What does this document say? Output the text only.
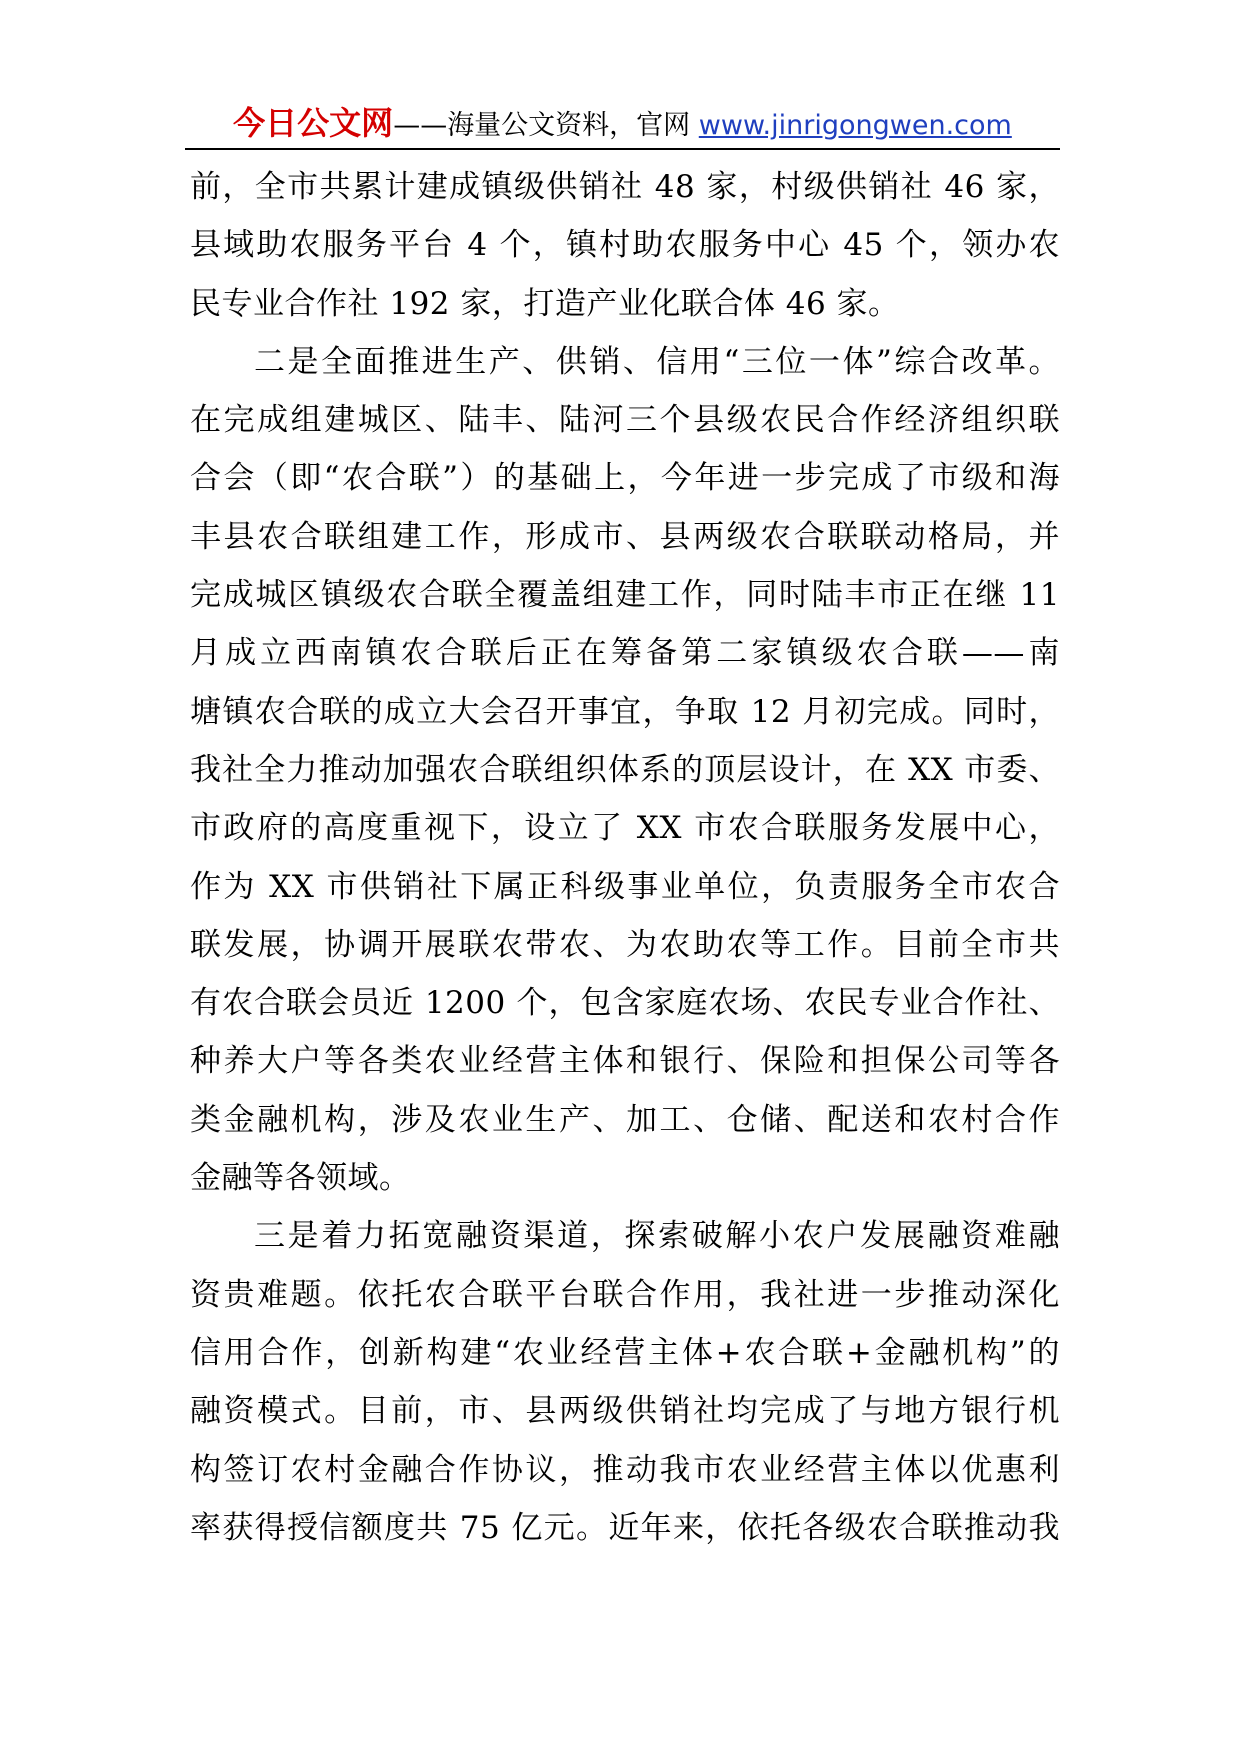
今日公文网——海量公文资料，官网 www.jinrigongwen.com
前，全市共累计建成镇级供销社 48 家，村级供销社 46 家，
县域助农服务平台 4 个，镇村助农服务中心 45 个，领办农
民专业合作社 192 家，打造产业化联合体 46 家。
二是全面推进生产、供销、信用“三位一体”综合改革。
在完成组建城区、陆丰、陆河三个县级农民合作经济组织联
合会（即“农合联”）的基础上，今年进一步完成了市级和海
丰县农合联组建工作，形成市、县两级农合联联动格局，并
完成城区镇级农合联全覆盖组建工作，同时陆丰市正在继 11
月成立西南镇农合联后正在筹备第二家镇级农合联——南
塘镇农合联的成立大会召开事宜，争取 12 月初完成。同时，
我社全力推动加强农合联组织体系的顶层设计，在 XX 市委、
市政府的高度重视下，设立了 XX 市农合联服务发展中心，
作为 XX 市供销社下属正科级事业单位，负责服务全市农合
联发展，协调开展联农带农、为农助农等工作。目前全市共
有农合联会员近 1200 个，包含家庭农场、农民专业合作社、
种养大户等各类农业经营主体和银行、保险和担保公司等各
类金融机构，涉及农业生产、加工、仓储、配送和农村合作
金融等各领域。
三是着力拓宽融资渠道，探索破解小农户发展融资难融
资贵难题。依托农合联平台联合作用，我社进一步推动深化
信用合作，创新构建“农业经营主体+农合联+金融机构”的
融资模式。目前，市、县两级供销社均完成了与地方银行机
构签订农村金融合作协议，推动我市农业经营主体以优惠利
率获得授信额度共 75 亿元。近年来，依托各级农合联推动我
